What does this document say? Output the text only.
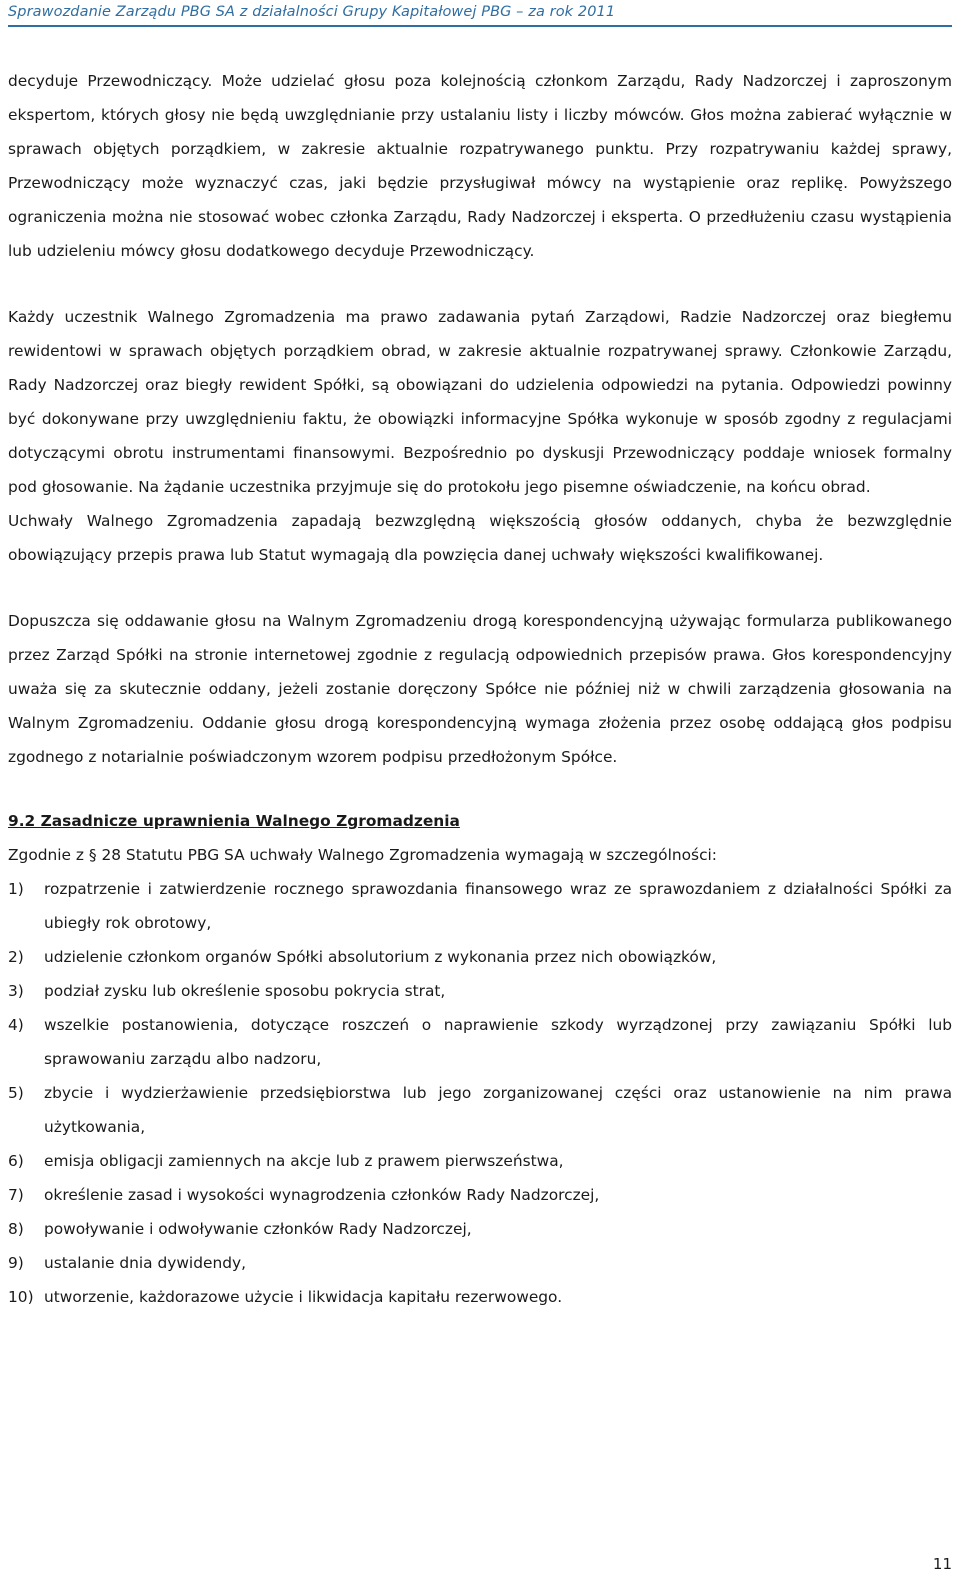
Sprawozdanie Zarządu PBG SA z działalności Grupy Kapitałowej PBG – za rok 2011

decyduje Przewodniczący. Może udzielać głosu poza kolejnością członkom Zarządu, Rady Nadzorczej i zaproszonym ekspertom, których głosy nie będą uwzględnianie przy ustalaniu listy i liczby mówców. Głos można zabierać wyłącznie w sprawach objętych porządkiem, w zakresie aktualnie rozpatrywanego punktu. Przy rozpatrywaniu każdej sprawy, Przewodniczący może wyznaczyć czas, jaki będzie przysługiwał mówcy na wystąpienie oraz replikę. Powyższego ograniczenia można nie stosować wobec członka Zarządu, Rady Nadzorczej i eksperta. O przedłużeniu czasu wystąpienia lub udzieleniu mówcy głosu dodatkowego decyduje Przewodniczący.

Każdy uczestnik Walnego Zgromadzenia ma prawo zadawania pytań Zarządowi, Radzie Nadzorczej oraz biegłemu rewidentowi w sprawach objętych porządkiem obrad, w zakresie aktualnie rozpatrywanej sprawy. Członkowie Zarządu, Rady Nadzorczej oraz biegły rewident Spółki, są obowiązani do udzielenia odpowiedzi na pytania. Odpowiedzi powinny być dokonywane przy uwzględnieniu faktu, że obowiązki informacyjne Spółka wykonuje w sposób zgodny z regulacjami dotyczącymi obrotu instrumentami finansowymi. Bezpośrednio po dyskusji Przewodniczący poddaje wniosek formalny pod głosowanie. Na żądanie uczestnika przyjmuje się do protokołu jego pisemne oświadczenie, na końcu obrad.

Uchwały Walnego Zgromadzenia zapadają bezwzględną większością głosów oddanych, chyba że bezwzględnie obowiązujący przepis prawa lub Statut wymagają dla powzięcia danej uchwały większości kwalifikowanej.

Dopuszcza się oddawanie głosu na Walnym Zgromadzeniu drogą korespondencyjną używając formularza publikowanego przez Zarząd Spółki na stronie internetowej zgodnie z regulacją odpowiednich przepisów prawa. Głos korespondencyjny uważa się za skutecznie oddany, jeżeli zostanie doręczony Spółce nie później niż w chwili zarządzenia głosowania na Walnym Zgromadzeniu. Oddanie głosu drogą korespondencyjną wymaga złożenia przez osobę oddającą głos podpisu zgodnego z notarialnie poświadczonym wzorem podpisu przedłożonym Spółce.

9.2 Zasadnicze uprawnienia Walnego Zgromadzenia

Zgodnie z § 28 Statutu PBG SA uchwały Walnego Zgromadzenia wymagają w szczególności:

1)	rozpatrzenie i zatwierdzenie rocznego sprawozdania finansowego wraz ze sprawozdaniem z działalności Spółki za ubiegły rok obrotowy,
2)	udzielenie członkom organów Spółki absolutorium z wykonania przez nich obowiązków,
3)	podział zysku lub określenie sposobu pokrycia strat,
4)	wszelkie postanowienia, dotyczące roszczeń o naprawienie szkody wyrządzonej przy zawiązaniu Spółki lub sprawowaniu zarządu albo nadzoru,
5)	zbycie i wydzierżawienie przedsiębiorstwa lub jego zorganizowanej części oraz ustanowienie na nim prawa użytkowania,
6)	emisja obligacji zamiennych na akcje lub z prawem pierwszeństwa,
7)	określenie zasad i wysokości wynagrodzenia członków Rady Nadzorczej,
8)	powoływanie i odwoływanie członków Rady Nadzorczej,
9)	ustalanie dnia dywidendy,
10) utworzenie, każdorazowe użycie i likwidacja kapitału rezerwowego.
11
